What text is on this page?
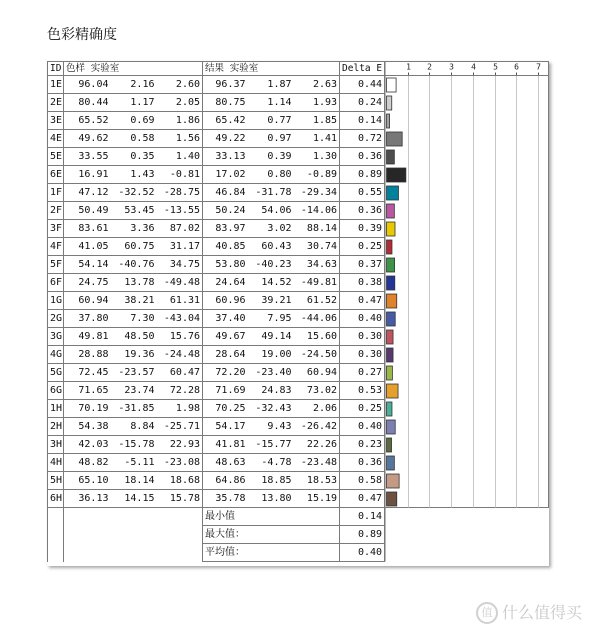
色彩精确度
ID	色样 实验室			结果 实验室			Delta E
1E	96.04	2.16	2.60	96.37	1.87	2.63	0.44
2E	80.44	1.17	2.05	80.75	1.14	1.93	0.24
3E	65.52	0.69	1.86	65.42	0.77	1.85	0.14
4E	49.62	0.58	1.56	49.22	0.97	1.41	0.72
5E	33.55	0.35	1.40	33.13	0.39	1.30	0.36
6E	16.91	1.43	-0.81	17.02	0.80	-0.89	0.89
1F	47.12	-32.52	-28.75	46.84	-31.78	-29.34	0.55
2F	50.49	53.45	-13.55	50.24	54.06	-14.06	0.36
3F	83.61	3.36	87.02	83.97	3.02	88.14	0.39
4F	41.05	60.75	31.17	40.85	60.43	30.74	0.25
5F	54.14	-40.76	34.75	53.80	-40.23	34.63	0.37
6F	24.75	13.78	-49.48	24.64	14.52	-49.81	0.38
1G	60.94	38.21	61.31	60.96	39.21	61.52	0.47
2G	37.80	7.30	-43.04	37.40	7.95	-44.06	0.40
3G	49.81	48.50	15.76	49.67	49.14	15.60	0.30
4G	28.88	19.36	-24.48	28.64	19.00	-24.50	0.30
5G	72.45	-23.57	60.47	72.20	-23.40	60.94	0.27
6G	71.65	23.74	72.28	71.69	24.83	73.02	0.53
1H	70.19	-31.85	1.98	70.25	-32.43	2.06	0.25
2H	54.38	8.84	-25.71	54.17	9.43	-26.42	0.40
3H	42.03	-15.78	22.93	41.81	-15.77	22.26	0.23
4H	48.82	-5.11	-23.08	48.63	-4.78	-23.48	0.36
5H	65.10	18.14	18.68	64.86	18.85	18.53	0.58
6H	36.13	14.15	15.78	35.78	13.80	15.19	0.47
				最小值			0.14
				最大值：			0.89
				平均值：			0.40
1 2 3 4 5 6 7
值 什么值得买
